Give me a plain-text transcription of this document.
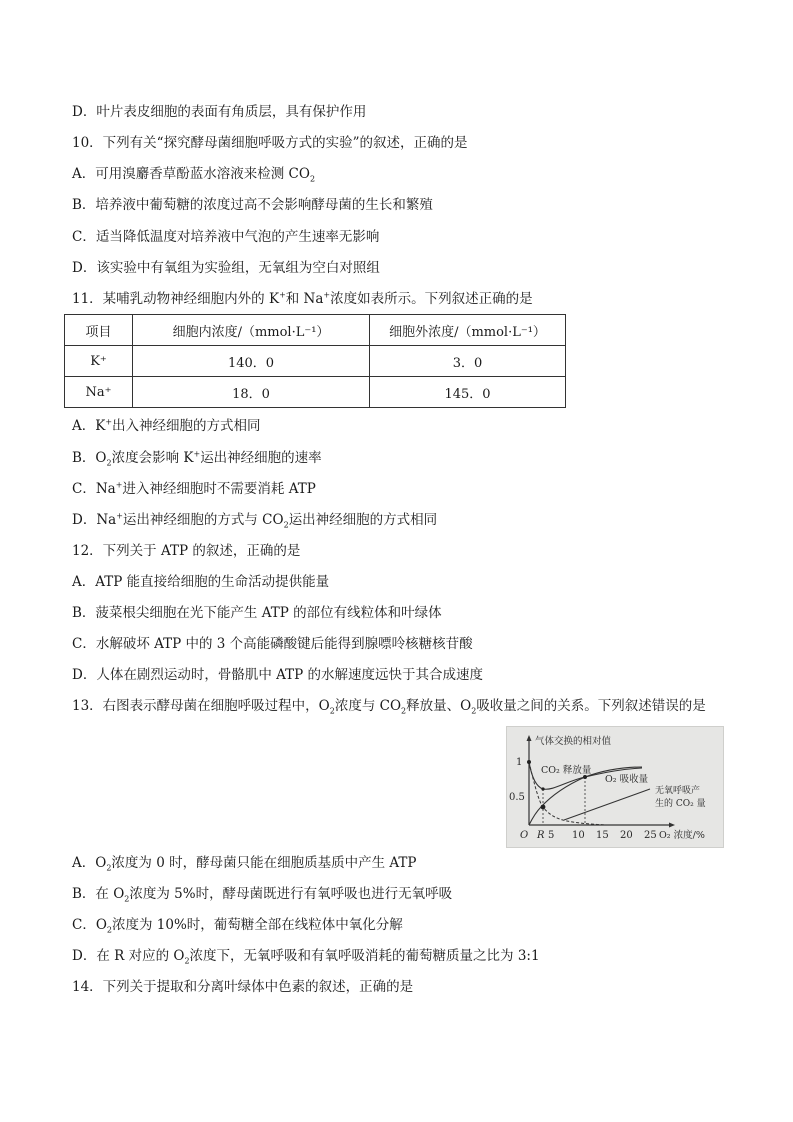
D．叶片表皮细胞的表面有角质层，具有保护作用
10．下列有关“探究酵母菌细胞呼吸方式的实验”的叙述，正确的是
A．可用溴麝香草酚蓝水溶液来检测 $CO_2$
B．培养液中葡萄糖的浓度过高不会影响酵母菌的生长和繁殖
C．适当降低温度对培养液中气泡的产生速率无影响
D．该实验中有氧组为实验组，无氧组为空白对照组
11．某哺乳动物神经细胞内外的 K+和 Na+浓度如表所示。下列叙述正确的是
项目	细胞内浓度/（mmol·L⁻¹）	细胞外浓度/（mmol·L⁻¹）
K⁺	140．0	3．0
Na⁺	18．0	145．0
A．K+出入神经细胞的方式相同
B．$O_2$浓度会影响 K+运出神经细胞的速率
C．Na+进入神经细胞时不需要消耗 ATP
D．Na+运出神经细胞的方式与 $CO_2$运出神经细胞的方式相同
12．下列关于 ATP 的叙述，正确的是
A．ATP 能直接给细胞的生命活动提供能量
B．菠菜根尖细胞在光下能产生 ATP 的部位有线粒体和叶绿体
C．水解破坏 ATP 中的 3 个高能磷酸键后能得到腺嘌呤核糖核苷酸
D．人体在剧烈运动时，骨骼肌中 ATP 的水解速度远快于其合成速度
13．右图表示酵母菌在细胞呼吸过程中，$O_2$浓度与 $CO_2$释放量、$O_2$吸收量之间的关系。下列叙述错误的是
气体交换的相对值
1
0.5
CO₂ 释放量
O₂ 吸收量
无氧呼吸产
生的 CO₂ 量
O R 5 10 15 20 25 O₂ 浓度/%
A．$O_2$浓度为 0 时，酵母菌只能在细胞质基质中产生 ATP
B．在 $O_2$浓度为 5%时，酵母菌既进行有氧呼吸也进行无氧呼吸
C．$O_2$浓度为 10%时，葡萄糖全部在线粒体中氧化分解
D．在 R 对应的 $O_2$浓度下，无氧呼吸和有氧呼吸消耗的葡萄糖质量之比为 3:1
14．下列关于提取和分离叶绿体中色素的叙述，正确的是
